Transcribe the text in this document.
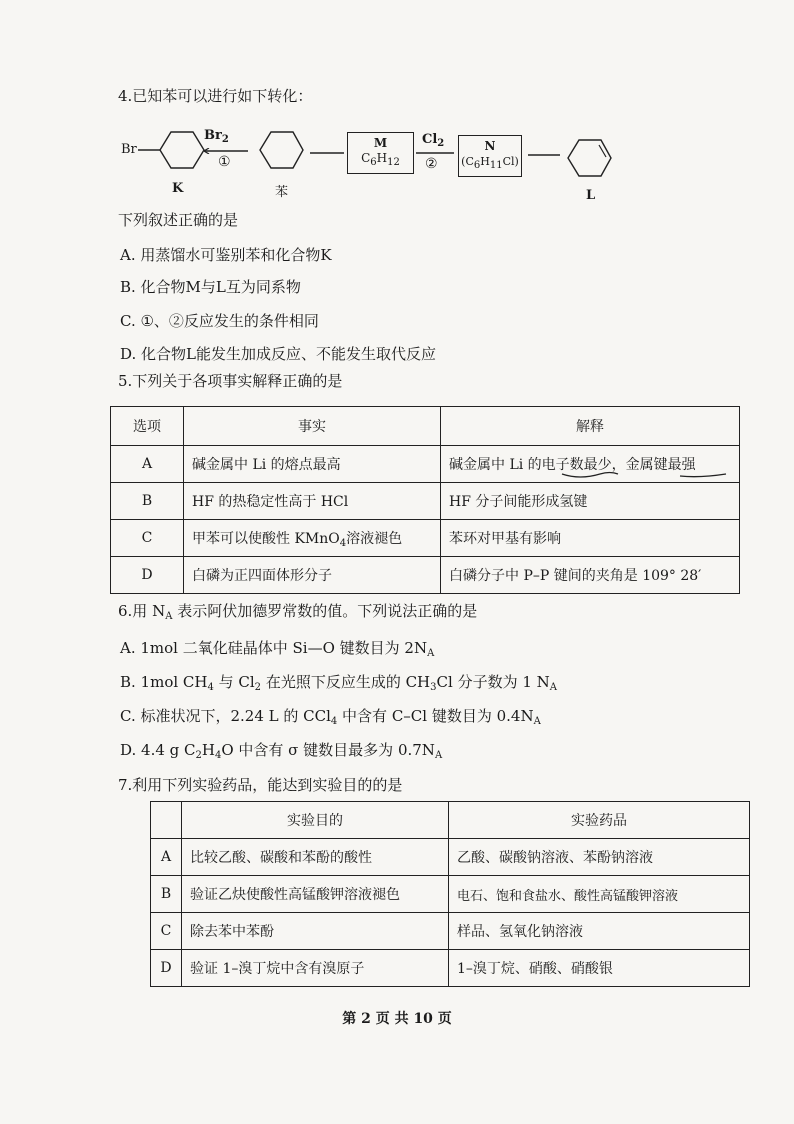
4.已知苯可以进行如下转化：
Br
$Br_2$
①
K	苯
M
$C_6H_{12}$
$Cl_2$
②
N
$(C_6H_{11}Cl)$
L
下列叙述正确的是
A. 用蒸馏水可鉴别苯和化合物K
B. 化合物M与L互为同系物
C. ①、②反应发生的条件相同
D. 化合物L能发生加成反应、不能发生取代反应
5.下列关于各项事实解释正确的是
选项	事实	解释
A	碱金属中 Li 的熔点最高	碱金属中 Li 的电子数最少，金属键最强
B	HF 的热稳定性高于 HCl	HF 分子间能形成氢键
C	甲苯可以使酸性 KMnO$_4$溶液褪色	苯环对甲基有影响
D	白磷为正四面体形分子	白磷分子中 P–P 键间的夹角是 109° 28′
6.用 $N_A$ 表示阿伏加德罗常数的值。下列说法正确的是
A. 1mol 二氧化硅晶体中 Si—O 键数目为 $2N_A$
B. 1mol $CH_4$ 与 $Cl_2$ 在光照下反应生成的 $CH_3Cl$ 分子数为 1 $N_A$
C. 标准状况下，2.24 L 的 CCl$_4$ 中含有 C–Cl 键数目为 $0.4N_A$
D. 4.4 g $C_2H_4O$ 中含有 σ 键数目最多为 $0.7N_A$
7.利用下列实验药品，能达到实验目的的是
	实验目的	实验药品
A	比较乙酸、碳酸和苯酚的酸性	乙酸、碳酸钠溶液、苯酚钠溶液
B	验证乙炔使酸性高锰酸钾溶液褪色	电石、饱和食盐水、酸性高锰酸钾溶液
C	除去苯中苯酚	样品、氢氧化钠溶液
D	验证 1–溴丁烷中含有溴原子	1–溴丁烷、硝酸、硝酸银
第 2 页 共 10 页
